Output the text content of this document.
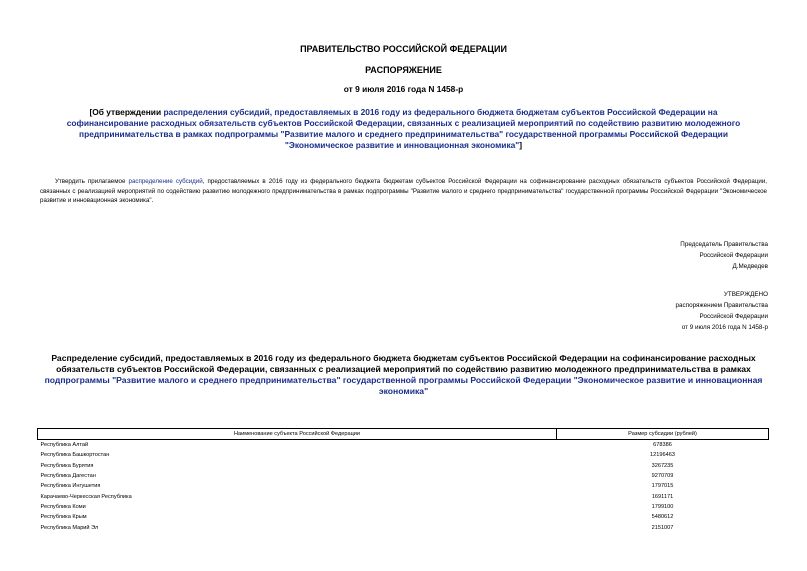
ПРАВИТЕЛЬСТВО РОССИЙСКОЙ ФЕДЕРАЦИИ
РАСПОРЯЖЕНИЕ
от 9 июля 2016 года N 1458-р
[Об утверждении распределения субсидий, предоставляемых в 2016 году из федерального бюджета бюджетам субъектов Российской Федерации на софинансирование расходных обязательств субъектов Российской Федерации, связанных с реализацией мероприятий по содействию развитию молодежного предпринимательства в рамках подпрограммы "Развитие малого и среднего предпринимательства" государственной программы Российской Федерации "Экономическое развитие и инновационная экономика"]
Утвердить прилагаемое распределение субсидий, предоставляемых в 2016 году из федерального бюджета бюджетам субъектов Российской Федерации на софинансирование расходных обязательств субъектов Российской Федерации, связанных с реализацией мероприятий по содействию развитию молодежного предпринимательства в рамках подпрограммы "Развитие малого и среднего предпринимательства" государственной программы Российской Федерации "Экономическое развитие и инновационная экономика".
Председатель Правительства
Российской Федерации
Д.Медведев
УТВЕРЖДЕНО
распоряжением Правительства
Российской Федерации
от 9 июля 2016 года N 1458-р
Распределение субсидий, предоставляемых в 2016 году из федерального бюджета бюджетам субъектов Российской Федерации на софинансирование расходных обязательств субъектов Российской Федерации, связанных с реализацией мероприятий по содействию развитию молодежного предпринимательства в рамках подпрограммы "Развитие малого и среднего предпринимательства" государственной программы Российской Федерации "Экономическое развитие и инновационная экономика"
Наименование субъекта Российской Федерации	Размер субсидии (рублей)
Республика Алтай	678386
Республика Башкортостан	12196463
Республика Бурятия	3267235
Республика Дагестан	9270709
Республика Ингушетия	1797015
Карачаево-Черкесская Республика	1691171
Республика Коми	1799100
Республика Крым	5480612
Республика Марий Эл	2151007
